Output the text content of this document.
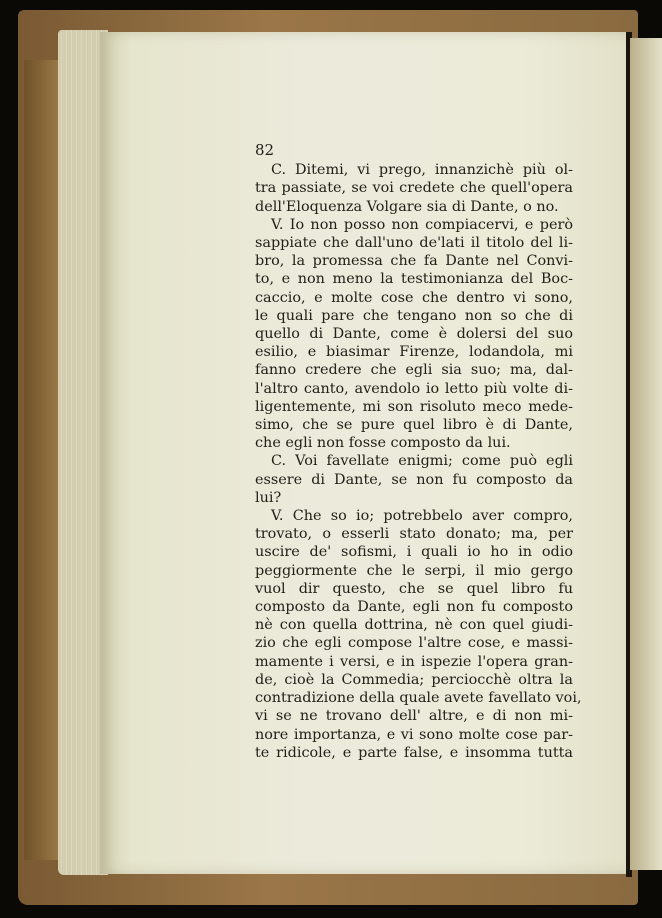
82
C. Ditemi, vi prego, innanzichè più ol-
tra passiate, se voi credete che quell'opera
dell'Eloquenza Volgare sia di Dante, o no.
V. Io non posso non compiacervi, e però
sappiate che dall'uno de'lati il titolo del li-
bro, la promessa che fa Dante nel Convi-
to, e non meno la testimonianza del Boc-
caccio, e molte cose che dentro vi sono,
le quali pare che tengano non so che di
quello di Dante, come è dolersi del suo
esilio, e biasimar Firenze, lodandola, mi
fanno credere che egli sia suo; ma, dal-
l'altro canto, avendolo io letto più volte di-
ligentemente, mi son risoluto meco mede-
simo, che se pure quel libro è di Dante,
che egli non fosse composto da lui.
C. Voi favellate enigmi; come può egli
essere di Dante, se non fu composto da
lui?
V. Che so io; potrebbelo aver compro,
trovato, o esserli stato donato; ma, per
uscire de' sofismi, i quali io ho in odio
peggiormente che le serpi, il mio gergo
vuol dir questo, che se quel libro fu
composto da Dante, egli non fu composto
nè con quella dottrina, nè con quel giudi-
zio che egli compose l'altre cose, e massi-
mamente i versi, e in ispezie l'opera gran-
de, cioè la Commedia; perciocchè oltra la
contradizione della quale avete favellato voi,
vi se ne trovano dell' altre, e di non mi-
nore importanza, e vi sono molte cose par-
te ridicole, e parte false, e insomma tutta
